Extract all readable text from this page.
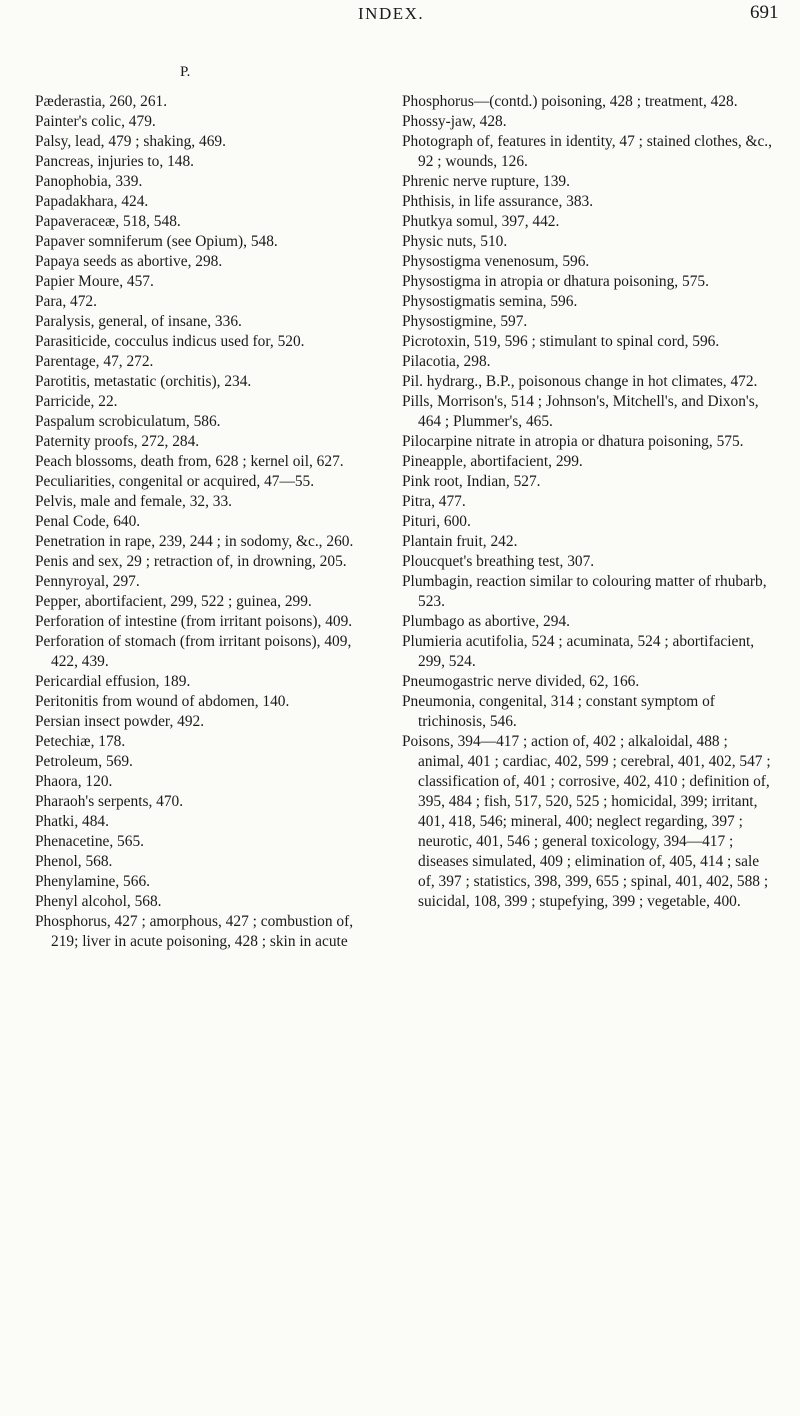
INDEX.	691
P.

Pæderastia, 260, 261.

Painter's colic, 479.

Palsy, lead, 479 ; shaking, 469.

Pancreas, injuries to, 148.

Panophobia, 339.

Papadakhara, 424.

Papaveraceæ, 518, 548.

Papaver somniferum (see Opium), 548.

Papaya seeds as abortive, 298.

Papier Moure, 457.

Para, 472.

Paralysis, general, of insane, 336.

Parasiticide, cocculus indicus used for, 520.

Parentage, 47, 272.

Parotitis, metastatic (orchitis), 234.

Parricide, 22.

Paspalum scrobiculatum, 586.

Paternity proofs, 272, 284.

Peach blossoms, death from, 628 ; kernel oil, 627.

Peculiarities, congenital or acquired, 47—55.

Pelvis, male and female, 32, 33.

Penal Code, 640.

Penetration in rape, 239, 244 ; in sodomy, &c., 260.

Penis and sex, 29 ; retraction of, in drowning, 205.

Pennyroyal, 297.

Pepper, abortifacient, 299, 522 ; guinea, 299.

Perforation of intestine (from irritant poisons), 409.

Perforation of stomach (from irritant poisons), 409, 422, 439.

Pericardial effusion, 189.

Peritonitis from wound of abdomen, 140.

Persian insect powder, 492.

Petechiæ, 178.

Petroleum, 569.

Phaora, 120.

Pharaoh's serpents, 470.

Phatki, 484.

Phenacetine, 565.

Phenol, 568.

Phenylamine, 566.

Phenyl alcohol, 568.

Phosphorus, 427 ; amorphous, 427 ; combustion of, 219; liver in acute poisoning, 428 ; skin in acute

Phosphorus—(contd.) poisoning, 428 ; treatment, 428.

Phossy-jaw, 428.

Photograph of, features in identity, 47 ; stained clothes, &c., 92 ; wounds, 126.

Phrenic nerve rupture, 139.

Phthisis, in life assurance, 383.

Phutkya somul, 397, 442.

Physic nuts, 510.

Physostigma venenosum, 596.

Physostigma in atropia or dhatura poisoning, 575.

Physostigmatis semina, 596.

Physostigmine, 597.

Picrotoxin, 519, 596 ; stimulant to spinal cord, 596.

Pilacotia, 298.

Pil. hydrarg., B.P., poisonous change in hot climates, 472.

Pills, Morrison's, 514 ; Johnson's, Mitchell's, and Dixon's, 464 ; Plummer's, 465.

Pilocarpine nitrate in atropia or dhatura poisoning, 575.

Pineapple, abortifacient, 299.

Pink root, Indian, 527.

Pitra, 477.

Pituri, 600.

Plantain fruit, 242.

Ploucquet's breathing test, 307.

Plumbagin, reaction similar to colouring matter of rhubarb, 523.

Plumbago as abortive, 294.

Plumieria acutifolia, 524 ; acuminata, 524 ; abortifacient, 299, 524.

Pneumogastric nerve divided, 62, 166.

Pneumonia, congenital, 314 ; constant symptom of trichinosis, 546.

Poisons, 394—417 ; action of, 402 ; alkaloidal, 488 ; animal, 401 ; cardiac, 402, 599 ; cerebral, 401, 402, 547 ; classification of, 401 ; corrosive, 402, 410 ; definition of, 395, 484 ; fish, 517, 520, 525 ; homicidal, 399; irritant, 401, 418, 546; mineral, 400; neglect regarding, 397 ; neurotic, 401, 546 ; general toxicology, 394—417 ; diseases simulated, 409 ; elimination of, 405, 414 ; sale of, 397 ; statistics, 398, 399, 655 ; spinal, 401, 402, 588 ; suicidal, 108, 399 ; stupefying, 399 ; vegetable, 400.
